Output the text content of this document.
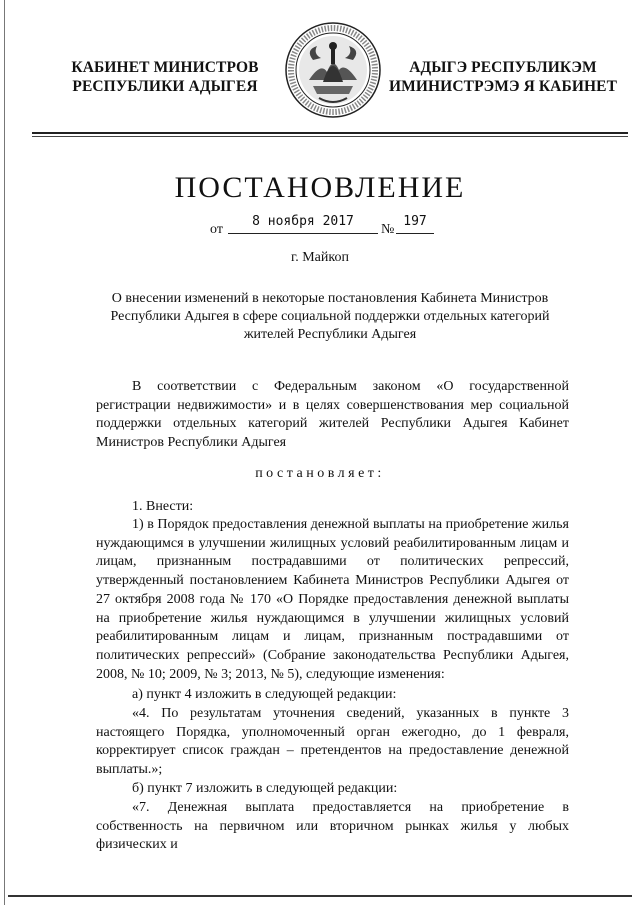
КАБИНЕТ МИНИСТРОВ
РЕСПУБЛИКИ АДЫГЕЯ
АДЫГЭ РЕСПУБЛИКЭМ
ИМИНИСТРЭМЭ Я КАБИНЕТ
ПОСТАНОВЛЕНИЕ
от
8 ноября 2017
№
197
г. Майкоп
О внесении изменений в некоторые постановления Кабинета Министров Республики Адыгея в сфере социальной поддержки отдельных категорий жителей Республики Адыгея
В соответствии с Федеральным законом «О государственной регистрации недвижимости» и в целях совершенствования мер социальной поддержки отдельных категорий жителей Республики Адыгея Кабинет Министров Республики Адыгея
постановляет:
1. Внести:
1) в Порядок предоставления денежной выплаты на приобретение жилья нуждающимся в улучшении жилищных условий реабилитированным лицам и лицам, признанным пострадавшими от политических репрессий, утвержденный постановлением Кабинета Министров Республики Адыгея от 27 октября 2008 года № 170 «О Порядке предоставления денежной выплаты на приобретение жилья нуждающимся в улучшении жилищных условий реабилитированным лицам и лицам, признанным пострадавшими от политических репрессий» (Собрание законодательства Республики Адыгея, 2008, № 10; 2009, № 3; 2013, № 5), следующие изменения:
а) пункт 4 изложить в следующей редакции:
«4. По результатам уточнения сведений, указанных в пункте 3 настоящего Порядка, уполномоченный орган ежегодно, до 1 февраля, корректирует список граждан – претендентов на предоставление денежной выплаты.»;
б) пункт 7 изложить в следующей редакции:
«7. Денежная выплата предоставляется на приобретение в собственность на первичном или вторичном рынках жилья у любых физических и
